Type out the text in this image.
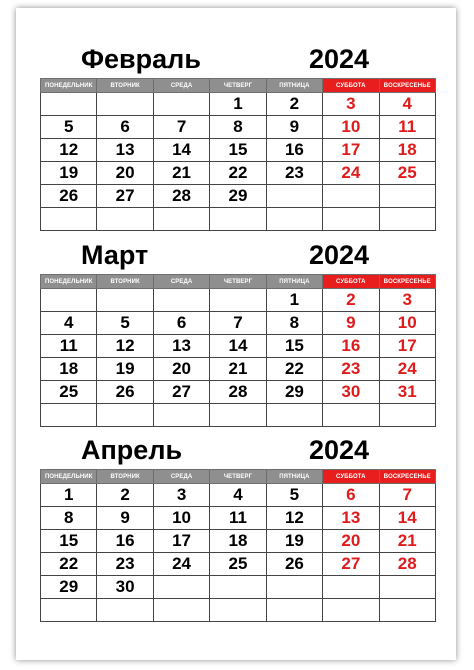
Февраль	2024
ПОНЕДЕЛЬНИК	ВТОРНИК	СРЕДА	ЧЕТВЕРГ	ПЯТНИЦА	СУББОТА	ВОСКРЕСЕНЬЕ
			1	2	3	4
5	6	7	8	9	10	11
12	13	14	15	16	17	18
19	20	21	22	23	24	25
26	27	28	29			

Март	2024
ПОНЕДЕЛЬНИК	ВТОРНИК	СРЕДА	ЧЕТВЕРГ	ПЯТНИЦА	СУББОТА	ВОСКРЕСЕНЬЕ
				1	2	3
4	5	6	7	8	9	10
11	12	13	14	15	16	17
18	19	20	21	22	23	24
25	26	27	28	29	30	31

Апрель	2024
ПОНЕДЕЛЬНИК	ВТОРНИК	СРЕДА	ЧЕТВЕРГ	ПЯТНИЦА	СУББОТА	ВОСКРЕСЕНЬЕ
1	2	3	4	5	6	7
8	9	10	11	12	13	14
15	16	17	18	19	20	21
22	23	24	25	26	27	28
29	30					
